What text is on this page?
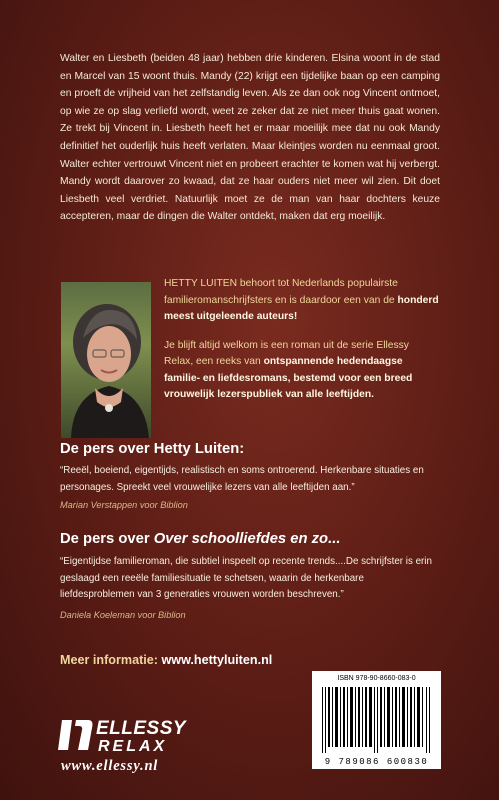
Walter en Liesbeth (beiden 48 jaar) hebben drie kinderen. Elsina woont in de stad en Marcel van 15 woont thuis. Mandy (22) krijgt een tijdelijke baan op een camping en proeft de vrijheid van het zelfstandig leven. Als ze dan ook nog Vincent ontmoet, op wie ze op slag verliefd wordt, weet ze zeker dat ze niet meer thuis gaat wonen. Ze trekt bij Vincent in. Liesbeth heeft het er maar moeilijk mee dat nu ook Mandy definitief het ouderlijk huis heeft verlaten. Maar kleintjes worden nu eenmaal groot. Walter echter vertrouwt Vincent niet en probeert erachter te komen wat hij verbergt. Mandy wordt daarover zo kwaad, dat ze haar ouders niet meer wil zien. Dit doet Liesbeth veel verdriet. Natuurlijk moet ze de man van haar dochters keuze accepteren, maar de dingen die Walter ontdekt, maken dat erg moeilijk.

HETTY LUITEN behoort tot Nederlands populairste familieromanschrijfsters en is daardoor een van de honderd meest uitgeleende auteurs!

Je blijft altijd welkom is een roman uit de serie Ellessy Relax, een reeks van ontspannende hedendaagse familie- en liefdesromans, bestemd voor een breed vrouwelijk lezerspubliek van alle leeftijden.

De pers over Hetty Luiten:

“Reeël, boeiend, eigentijds, realistisch en soms ontroerend. Herkenbare situaties en personages. Spreekt veel vrouwelijke lezers van alle leeftijden aan.”

Marian Verstappen voor Biblion

De pers over Over schoolliefdes en zo...

“Eigentijdse familieroman, die subtiel inspeelt op recente trends....De schrijfster is erin geslaagd een reeële familiesituatie te schetsen, waarin de herkenbare liefdesproblemen van 3 generaties vrouwen worden beschreven.”

Daniela Koeleman voor Biblion

Meer informatie: www.hettyluiten.nl
ISBN 978-90-8660-083-0
9 789086 600830
ELLESSY
RELAX
www.ellessy.nl
